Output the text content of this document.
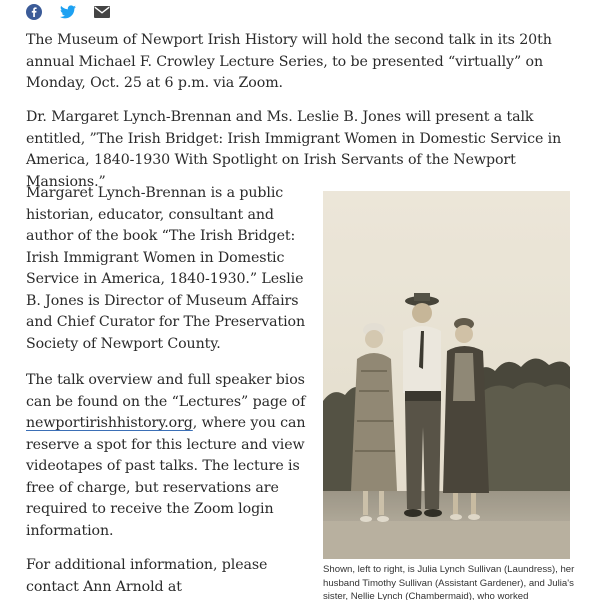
The Museum of Newport Irish History will hold the second talk in its 20th annual Michael F. Crowley Lecture Series, to be presented “virtually” on Monday, Oct. 25 at 6 p.m. via Zoom.

Dr. Margaret Lynch-Brennan and Ms. Leslie B. Jones will present a talk entitled, ”The Irish Bridget: Irish Immigrant Women in Domestic Service in America, 1840-1930 With Spotlight on Irish Servants of the Newport Mansions.”

Margaret Lynch-Brennan is a public historian, educator, consultant and author of the book “The Irish Bridget: Irish Immigrant Women in Domestic Service in America, 1840-1930.” Leslie B. Jones is Director of Museum Affairs and Chief Curator for The Preservation Society of Newport County.

The talk overview and full speaker bios can be found on the “Lectures” page of newportirishhistory.org, where you can reserve a spot for this lecture and view videotapes of past talks. The lecture is free of charge, but reservations are required to receive the Zoom login information.

For additional information, please contact Ann Arnold at

Shown, left to right, is Julia Lynch Sullivan (Laundress), her husband Timothy Sullivan (Assistant Gardener), and Julia's sister, Nellie Lynch (Chambermaid), who worked
